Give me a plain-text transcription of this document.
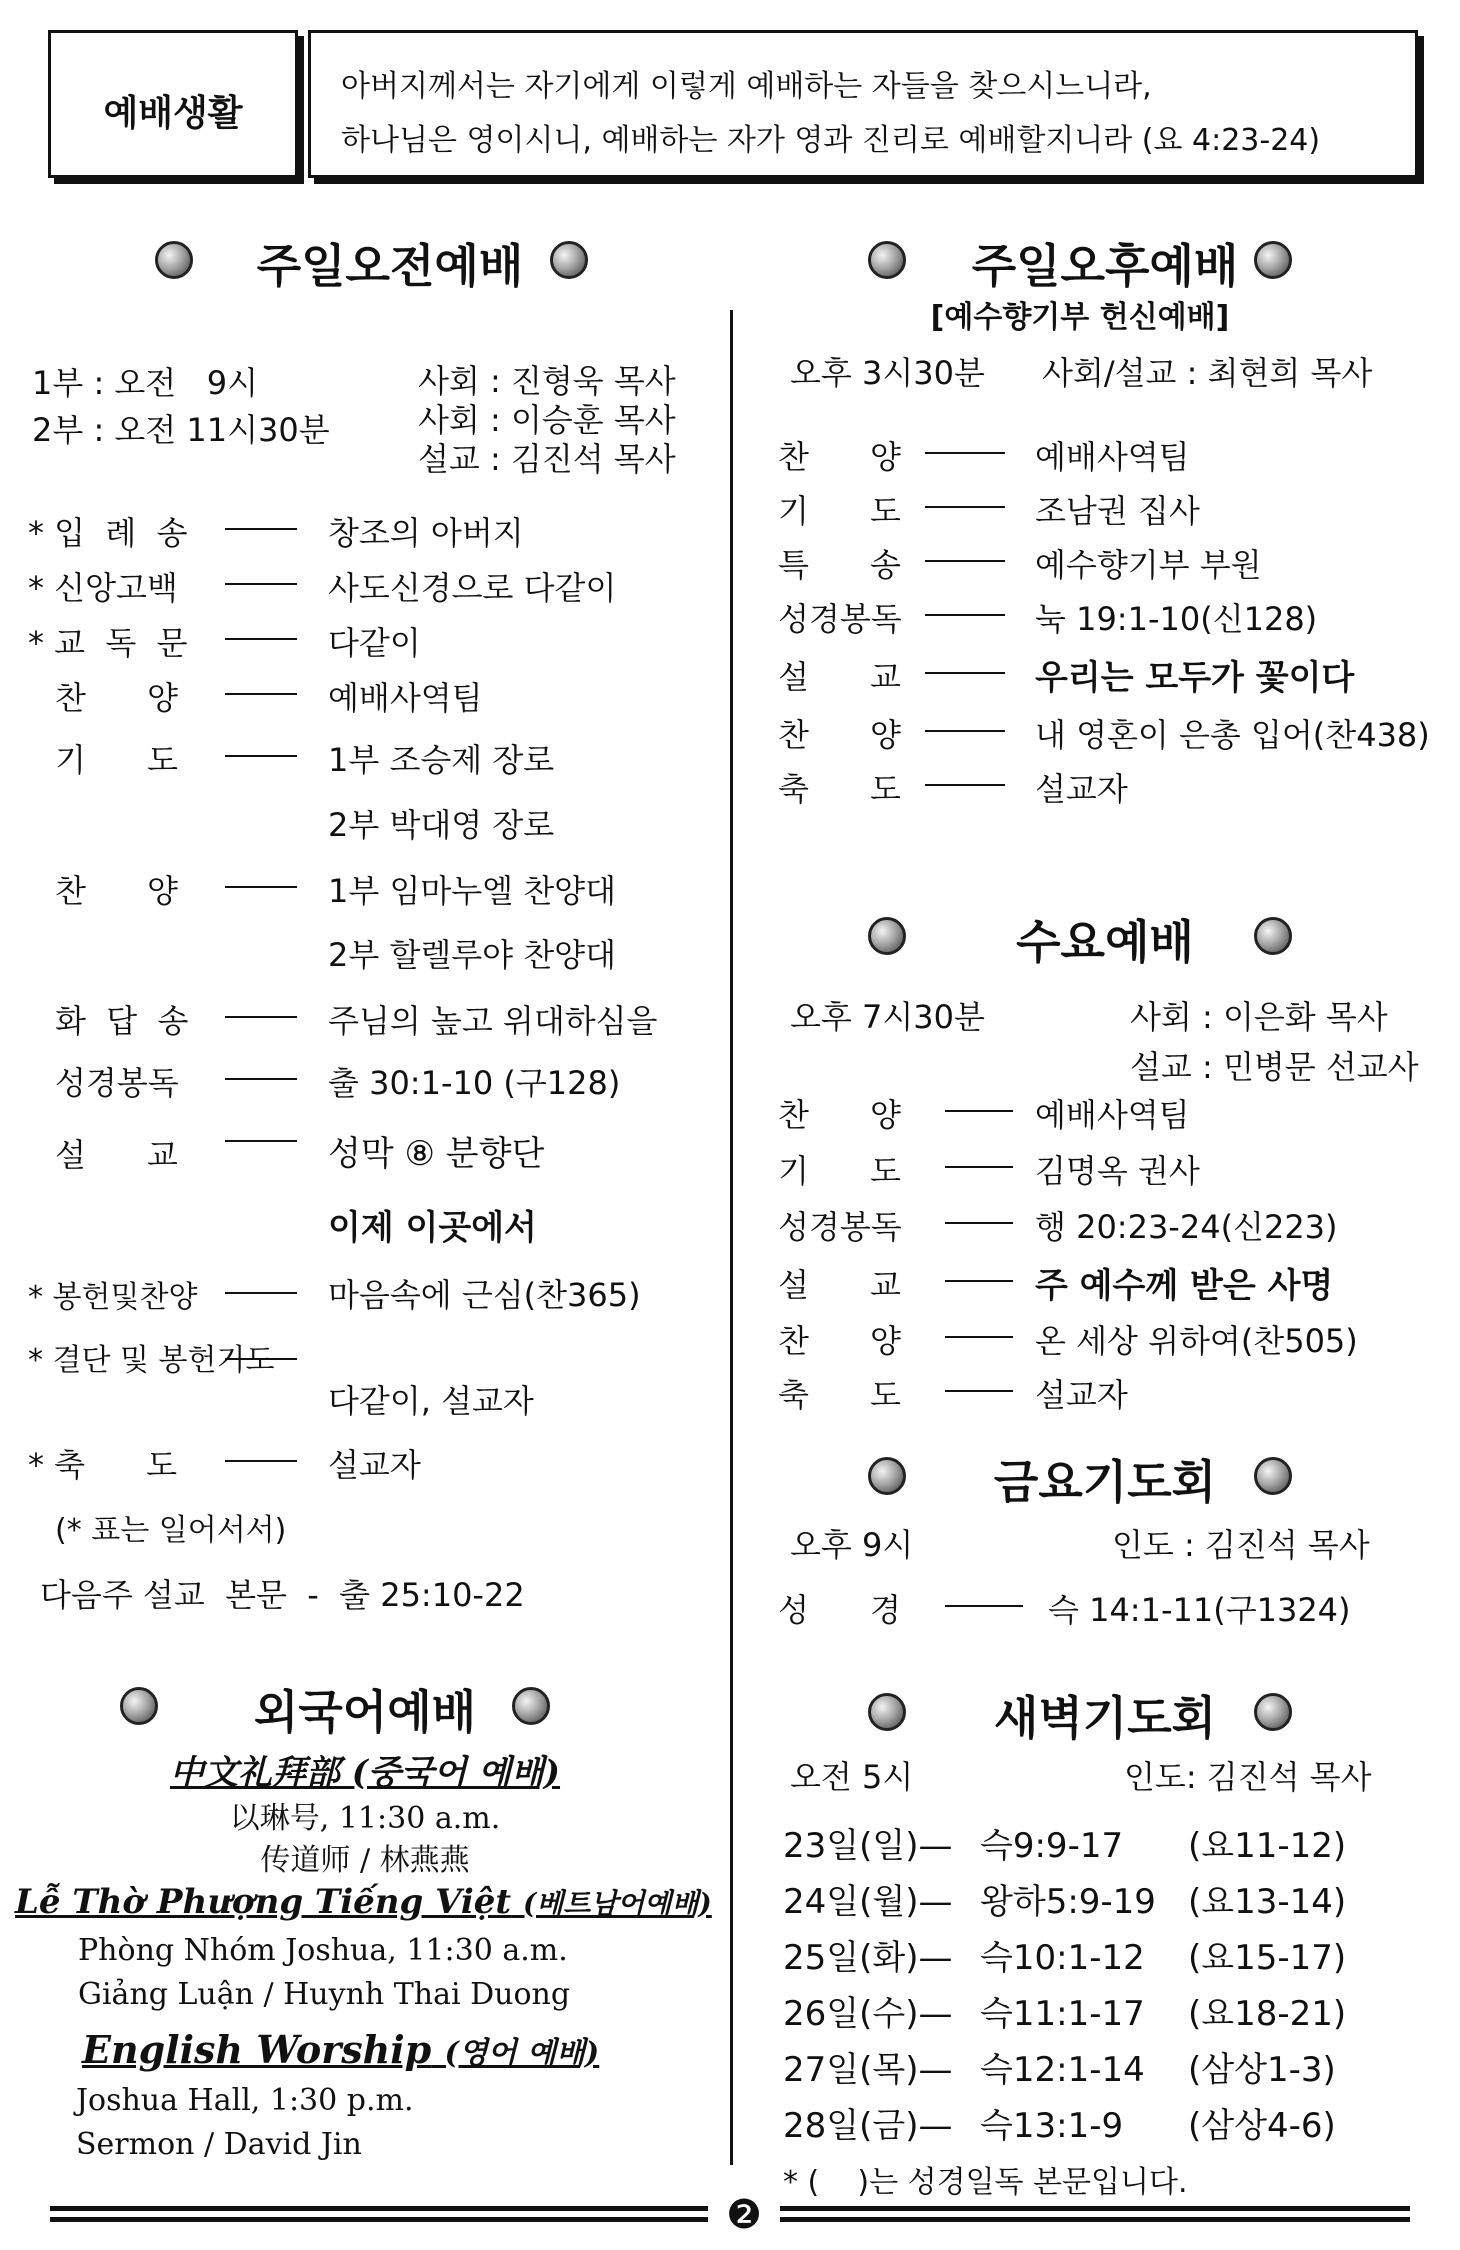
예배생활
아버지께서는 자기에게 이렇게 예배하는 자들을 찾으시느니라,
하나님은 영이시니, 예배하는 자가 영과 진리로 예배할지니라 (요 4:23-24)
주일오전예배
1부 : 오전   9시
2부 : 오전 11시30분
사회 : 진형욱 목사
사회 : 이승훈 목사
설교 : 김진석 목사
* 입  례  송	창조의 아버지
* 신앙고백	사도신경으로 다같이
* 교  독  문	다같이
찬      양	예배사역팀
기      도	1부 조승제 장로
2부 박대영 장로
찬      양	1부 임마누엘 찬양대
2부 할렐루야 찬양대
화  답  송	주님의 높고 위대하심을
성경봉독	출 30:1-10 (구128)
설      교	성막 ⑧ 분향단
이제 이곳에서
* 봉헌및찬양	마음속에 근심(찬365)
* 결단 및 봉헌기도
다같이, 설교자
* 축      도	설교자
(* 표는 일어서서)
다음주 설교  본문  -  출 25:10-22
외국어예배
中文礼拜部 (중국어 예배)
以琳号, 11:30 a.m.
传道师 / 林燕燕
Lễ Thờ Phượng Tiếng Việt (베트남어예배)
Phòng Nhóm Joshua, 11:30 a.m.
Giảng Luận / Huynh Thai Duong
English Worship (영어 예배)
Joshua Hall, 1:30 p.m.
Sermon / David Jin
주일오후예배
[예수향기부 헌신예배]
오후 3시30분 사회/설교 : 최현희 목사
찬      양	예배사역팀
기      도	조남권 집사
특      송	예수향기부 부원
성경봉독	눅 19:1-10(신128)
설      교	우리는 모두가 꽃이다
찬      양	내 영혼이 은총 입어(찬438)
축      도	설교자
수요예배
오후 7시30분	사회 : 이은화 목사
설교 : 민병문 선교사
찬      양	예배사역팀
기      도	김명옥 권사
성경봉독	행 20:23-24(신223)
설      교	주 예수께 받은 사명
찬      양	온 세상 위하여(찬505)
축      도	설교자
금요기도회
오후 9시	인도 : 김진석 목사
성      경	슥 14:1-11(구1324)
새벽기도회
오전 5시	인도: 김진석 목사
23일(일)— 슥9:9-17 (요11-12)
24일(월)— 왕하5:9-19 (요13-14)
25일(화)— 슥10:1-12 (요15-17)
26일(수)— 슥11:1-17 (요18-21)
27일(목)— 슥12:1-14 (삼상1-3)
28일(금)— 슥13:1-9 (삼상4-6)
* (    )는 성경일독 본문입니다.
❷
